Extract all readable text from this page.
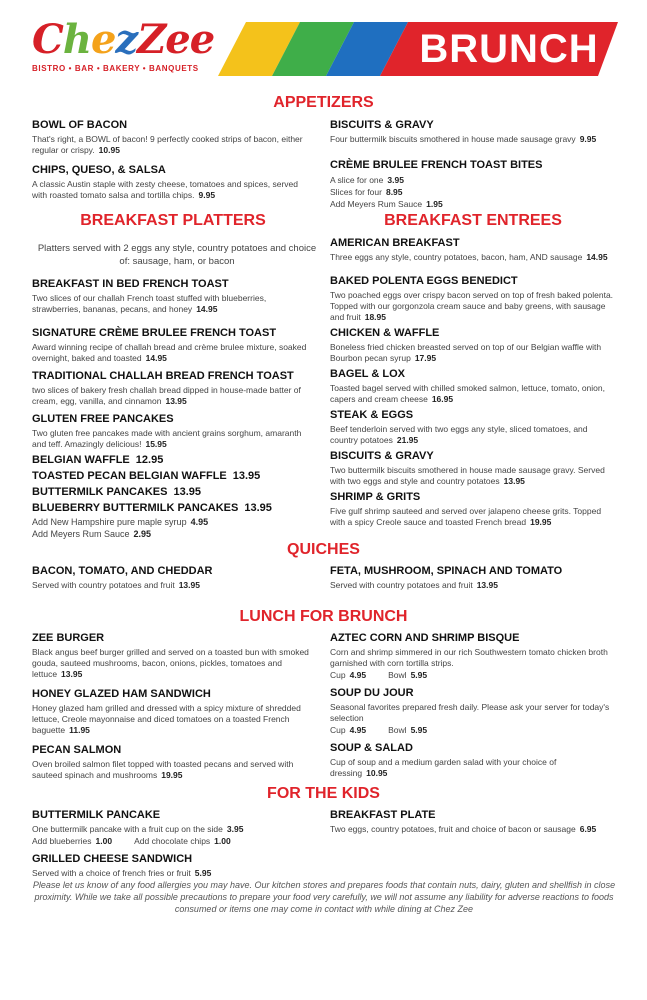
ChezZee
BISTRO • BAR • BAKERY • BANQUETS	BRUNCH
APPETIZERS
BOWL OF BACON
That's right, a BOWL of bacon! 9 perfectly cooked strips of bacon, either regular or crispy. 10.95
CHIPS, QUESO, & SALSA
A classic Austin staple with zesty cheese, tomatoes and spices, served with roasted tomato salsa and tortilla chips. 9.95
BISCUITS & GRAVY
Four buttermilk biscuits smothered in house made sausage gravy 9.95
CRÈME BRULEE FRENCH TOAST BITES
A slice for one 3.95
Slices for four 8.95
Add Meyers Rum Sauce 1.95
BREAKFAST PLATTERS
Platters served with 2 eggs any style, country potatoes and choice of: sausage, ham, or bacon
BREAKFAST IN BED FRENCH TOAST
Two slices of our challah French toast stuffed with blueberries, strawberries, bananas, pecans, and honey 14.95
SIGNATURE CRÈME BRULEE FRENCH TOAST
Award winning recipe of challah bread and crème brulee mixture, soaked overnight, baked and toasted 14.95
TRADITIONAL CHALLAH BREAD FRENCH TOAST
two slices of bakery fresh challah bread dipped in house-made batter of cream, egg, vanilla, and cinnamon 13.95
GLUTEN FREE PANCAKES
Two gluten free pancakes made with ancient grains sorghum, amaranth and teff. Amazingly delicious! 15.95
BELGIAN WAFFLE 12.95
TOASTED PECAN BELGIAN WAFFLE 13.95
BUTTERMILK PANCAKES 13.95
BLUEBERRY BUTTERMILK PANCAKES 13.95
Add New Hampshire pure maple syrup 4.95
Add Meyers Rum Sauce 2.95
BREAKFAST ENTREES
AMERICAN BREAKFAST
Three eggs any style, country potatoes, bacon, ham, AND sausage 14.95
BAKED POLENTA EGGS BENEDICT
Two poached eggs over crispy bacon served on top of fresh baked polenta. Topped with our gorgonzola cream sauce and baby greens, with sausage and fruit 18.95
CHICKEN & WAFFLE
Boneless fried chicken breasted served on top of our Belgian waffle with Bourbon pecan syrup 17.95
BAGEL & LOX
Toasted bagel served with chilled smoked salmon, lettuce, tomato, onion, capers and cream cheese 16.95
STEAK & EGGS
Beef tenderloin served with two eggs any style, sliced tomatoes, and country potatoes 21.95
BISCUITS & GRAVY
Two buttermilk biscuits smothered in house made sausage gravy. Served with two eggs and style and country potatoes 13.95
SHRIMP & GRITS
Five gulf shrimp sauteed and served over jalapeno cheese grits. Topped with a spicy Creole sauce and toasted French bread 19.95
QUICHES
BACON, TOMATO, AND CHEDDAR
Served with country potatoes and fruit 13.95
FETA, MUSHROOM, SPINACH AND TOMATO
Served with country potatoes and fruit 13.95
LUNCH FOR BRUNCH
ZEE BURGER
Black angus beef burger grilled and served on a toasted bun with smoked gouda, sauteed mushrooms, bacon, onions, pickles, tomatoes and lettuce 13.95
HONEY GLAZED HAM SANDWICH
Honey glazed ham grilled and dressed with a spicy mixture of shredded lettuce, Creole mayonnaise and diced tomatoes on a toasted French baguette 11.95
PECAN SALMON
Oven broiled salmon filet topped with toasted pecans and served with sauteed spinach and mushrooms 19.95
AZTEC CORN AND SHRIMP BISQUE
Corn and shrimp simmered in our rich Southwestern tomato chicken broth garnished with corn tortilla strips.
Cup 4.95	Bowl 5.95
SOUP DU JOUR
Seasonal favorites prepared fresh daily. Please ask your server for today's selection
Cup 4.95	Bowl 5.95
SOUP & SALAD
Cup of soup and a medium garden salad with your choice of dressing 10.95
FOR THE KIDS
BUTTERMILK PANCAKE
One buttermilk pancake with a fruit cup on the side 3.95
Add blueberries 1.00	Add chocolate chips 1.00
GRILLED CHEESE SANDWICH
Served with a choice of french fries or fruit 5.95
BREAKFAST PLATE
Two eggs, country potatoes, fruit and choice of bacon or sausage 6.95
Please let us know of any food allergies you may have. Our kitchen stores and prepares foods that contain nuts, dairy, gluten and shellfish in close proximity. While we take all possible precautions to prepare your food very carefully, we will not assume any liability for adverse reactions to foods consumed or items one may come in contact with while dining at Chez Zee
